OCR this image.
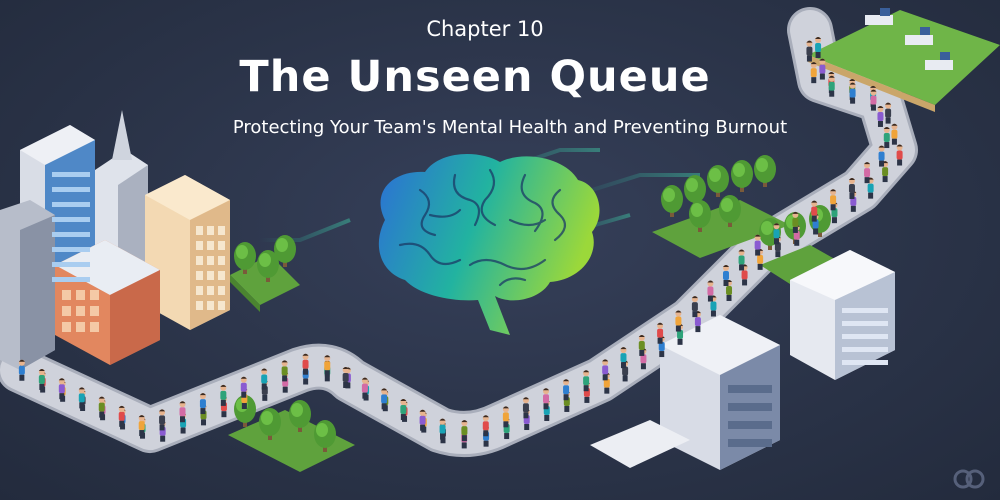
Chapter 10
The Unseen Queue
Protecting Your Team's Mental Health and Preventing Burnout
